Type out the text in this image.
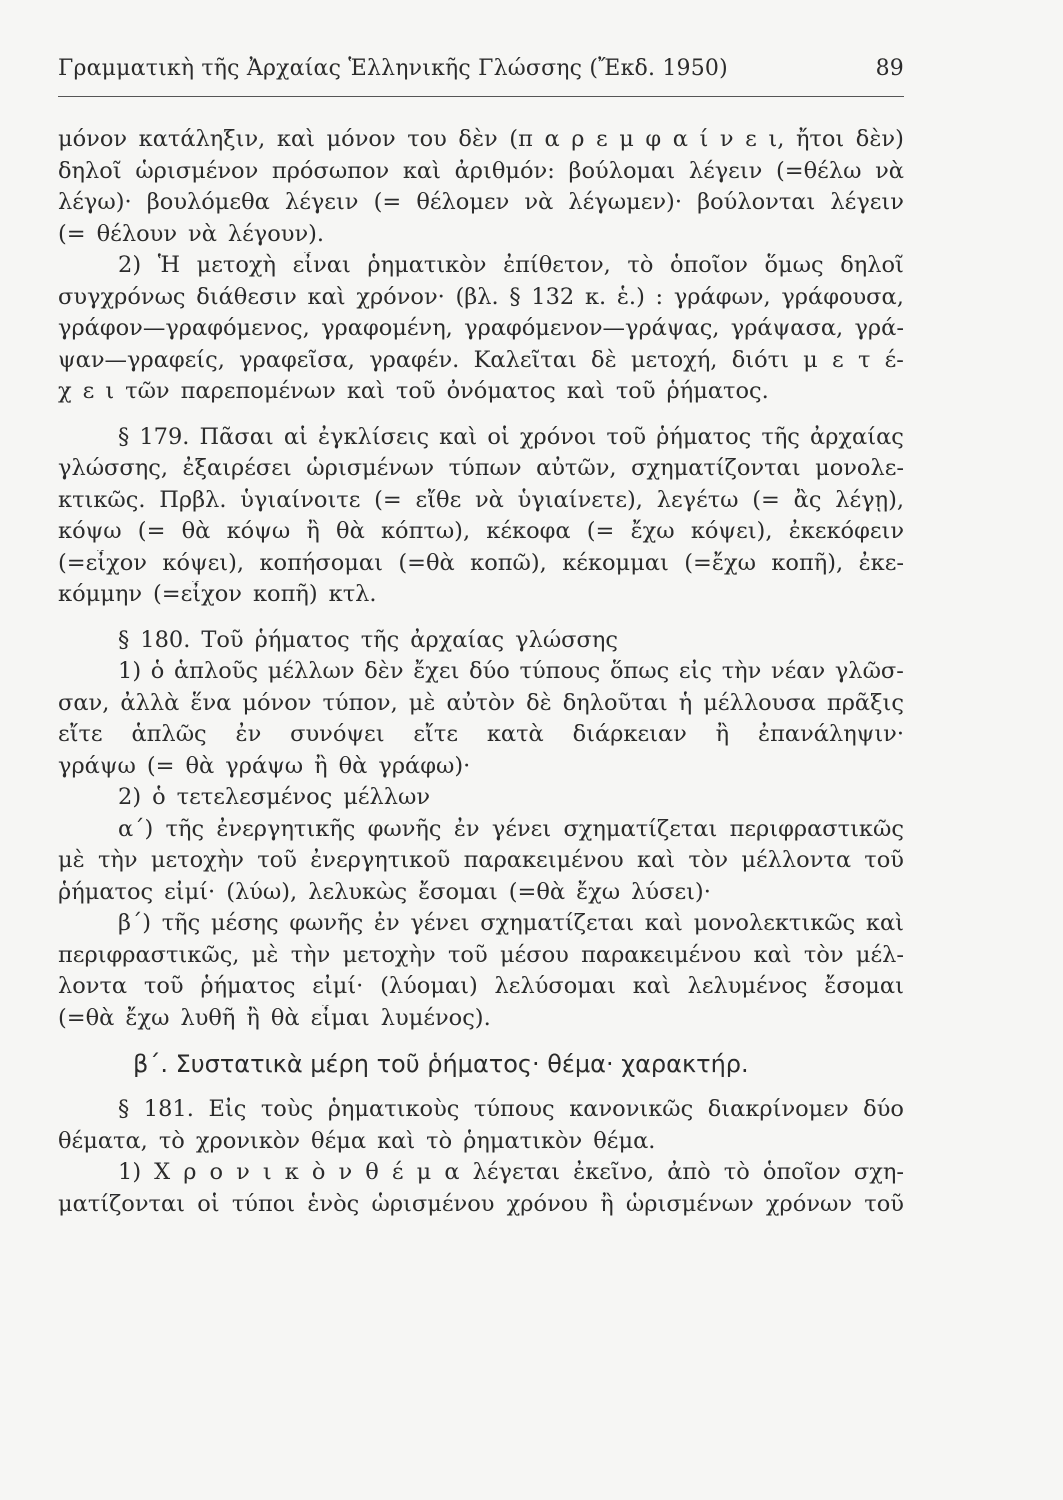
Γραμματικὴ τῆς Ἀρχαίας Ἑλληνικῆς Γλώσσης (Ἔκδ. 1950)	89
μόνον κατάληξιν, καὶ μόνον του δὲν (π α ρ ε μ φ α ί ν ε ι, ἤτοι δὲν)
δηλοῖ ὡρισμένον πρόσωπον καὶ ἀριθμόν: βούλομαι λέγειν (=θέλω νὰ
λέγω)· βουλόμεθα λέγειν (= θέλομεν νὰ λέγωμεν)· βούλονται λέγειν
(= θέλουν νὰ λέγουν).
2) Ἡ μετοχὴ εἶναι ῥηματικὸν ἐπίθετον, τὸ ὁποῖον ὅμως δηλοῖ
συγχρόνως διάθεσιν καὶ χρόνον· (βλ. § 132 κ. ἑ.) : γράφων, γράφουσα,
γράφον—γραφόμενος, γραφομένη, γραφόμενον—γράψας, γράψασα, γρά-
ψαν—γραφείς, γραφεῖσα, γραφέν. Καλεῖται δὲ μετοχή, διότι μ ε τ έ-
χ ε ι τῶν παρεπομένων καὶ τοῦ ὀνόματος καὶ τοῦ ῥήματος.
§ 179. Πᾶσαι αἱ ἐγκλίσεις καὶ οἱ χρόνοι τοῦ ῥήματος τῆς ἀρχαίας
γλώσσης, ἐξαιρέσει ὡρισμένων τύπων αὐτῶν, σχηματίζονται μονολε-
κτικῶς. Πρβλ. ὑγιαίνοιτε (= εἴθε νὰ ὑγιαίνετε), λεγέτω (= ἂς λέγῃ),
κόψω (= θὰ κόψω ἢ θὰ κόπτω), κέκοφα (= ἔχω κόψει), ἐκεκόφειν
(=εἶχον κόψει), κοπήσομαι (=θὰ κοπῶ), κέκομμαι (=ἔχω κοπῆ), ἐκε-
κόμμην (=εἶχον κοπῆ) κτλ.
§ 180. Τοῦ ῥήματος τῆς ἀρχαίας γλώσσης
1) ὁ ἁπλοῦς μέλλων δὲν ἔχει δύο τύπους ὅπως εἰς τὴν νέαν γλῶσ-
σαν, ἀλλὰ ἕνα μόνον τύπον, μὲ αὐτὸν δὲ δηλοῦται ἡ μέλλουσα πρᾶξις
εἴτε ἁπλῶς ἐν συνόψει εἴτε κατὰ διάρκειαν ἢ ἐπανάληψιν·
γράψω (= θὰ γράψω ἢ θὰ γράφω)·
2) ὁ τετελεσμένος μέλλων
α΄) τῆς ἐνεργητικῆς φωνῆς ἐν γένει σχηματίζεται περιφραστικῶς
μὲ τὴν μετοχὴν τοῦ ἐνεργητικοῦ παρακειμένου καὶ τὸν μέλλοντα τοῦ
ῥήματος εἰμί· (λύω), λελυκὼς ἔσομαι (=θὰ ἔχω λύσει)·
β΄) τῆς μέσης φωνῆς ἐν γένει σχηματίζεται καὶ μονολεκτικῶς καὶ
περιφραστικῶς, μὲ τὴν μετοχὴν τοῦ μέσου παρακειμένου καὶ τὸν μέλ-
λοντα τοῦ ῥήματος εἰμί· (λύομαι) λελύσομαι καὶ λελυμένος ἔσομαι
(=θὰ ἔχω λυθῆ ἢ θὰ εἶμαι λυμένος).
β΄. Συστατικὰ μέρη τοῦ ῥήματος· θέμα· χαρακτήρ.
§ 181. Εἰς τοὺς ῥηματικοὺς τύπους κανονικῶς διακρίνομεν δύο
θέματα, τὸ χρονικὸν θέμα καὶ τὸ ῥηματικὸν θέμα.
1) Χ ρ ο ν ι κ ὸ ν θ έ μ α λέγεται ἐκεῖνο, ἀπὸ τὸ ὁποῖον σχη-
ματίζονται οἱ τύποι ἑνὸς ὡρισμένου χρόνου ἢ ὡρισμένων χρόνων τοῦ
